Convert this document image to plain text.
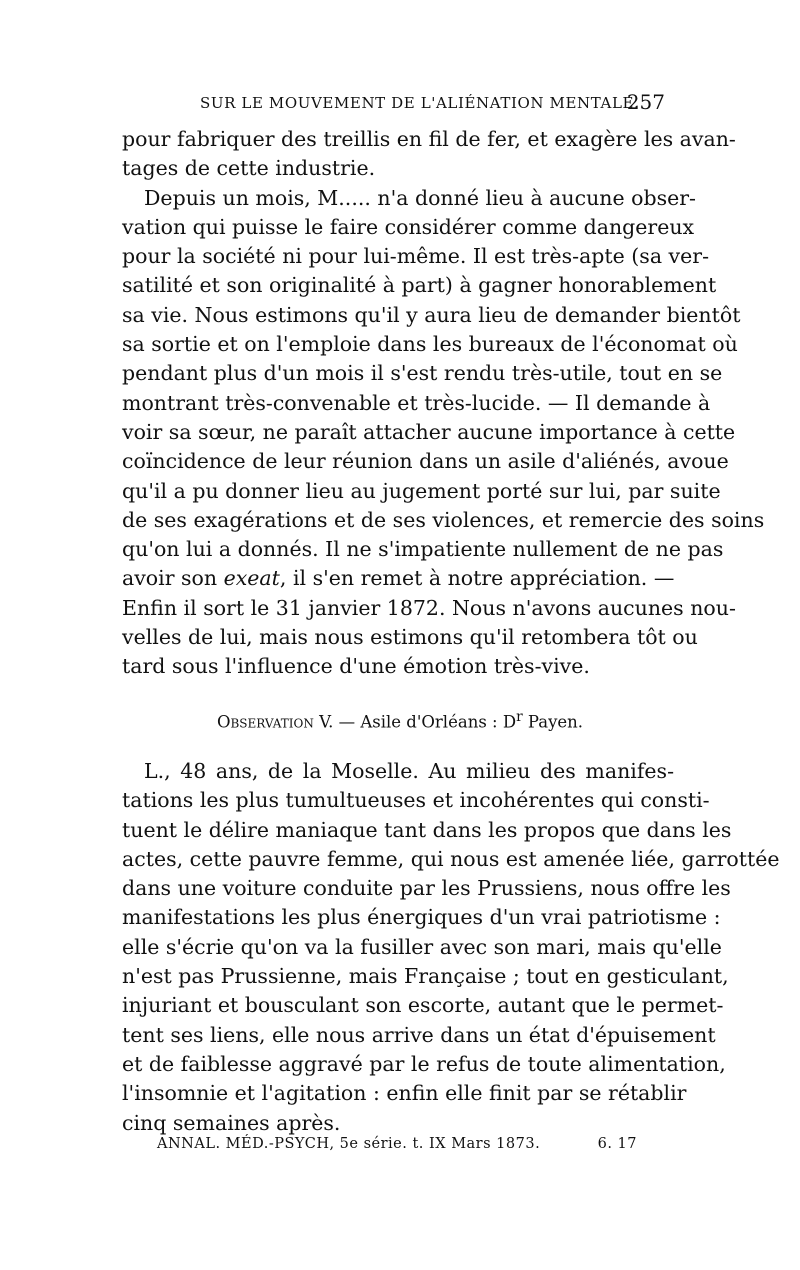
SUR LE MOUVEMENT DE L'ALIÉNATION MENTALE.
257
pour fabriquer des treillis en fil de fer, et exagère les avan-
tages de cette industrie.
Depuis un mois, M..... n'a donné lieu à aucune obser-
vation qui puisse le faire considérer comme dangereux
pour la société ni pour lui-même. Il est très-apte (sa ver-
satilité et son originalité à part) à gagner honorablement
sa vie. Nous estimons qu'il y aura lieu de demander bientôt
sa sortie et on l'emploie dans les bureaux de l'économat où
pendant plus d'un mois il s'est rendu très-utile, tout en se
montrant très-convenable et très-lucide. — Il demande à
voir sa sœur, ne paraît attacher aucune importance à cette
coïncidence de leur réunion dans un asile d'aliénés, avoue
qu'il a pu donner lieu au jugement porté sur lui, par suite
de ses exagérations et de ses violences, et remercie des soins
qu'on lui a donnés. Il ne s'impatiente nullement de ne pas
avoir son exeat, il s'en remet à notre appréciation. —
Enfin il sort le 31 janvier 1872. Nous n'avons aucunes nou-
velles de lui, mais nous estimons qu'il retombera tôt ou
tard sous l'influence d'une émotion très-vive.
Observation V. — Asile d'Orléans : $D^r$ Payen.
L., 48 ans, de la Moselle. Au milieu des manifes-
tations les plus tumultueuses et incohérentes qui consti-
tuent le délire maniaque tant dans les propos que dans les
actes, cette pauvre femme, qui nous est amenée liée, garrottée
dans une voiture conduite par les Prussiens, nous offre les
manifestations les plus énergiques d'un vrai patriotisme :
elle s'écrie qu'on va la fusiller avec son mari, mais qu'elle
n'est pas Prussienne, mais Française ; tout en gesticulant,
injuriant et bousculant son escorte, autant que le permet-
tent ses liens, elle nous arrive dans un état d'épuisement
et de faiblesse aggravé par le refus de toute alimentation,
l'insomnie et l'agitation : enfin elle finit par se rétablir
cinq semaines après.
ANNAL. MÉD.-PSYCH, 5e série. t. IX Mars 1873.	6. 17
